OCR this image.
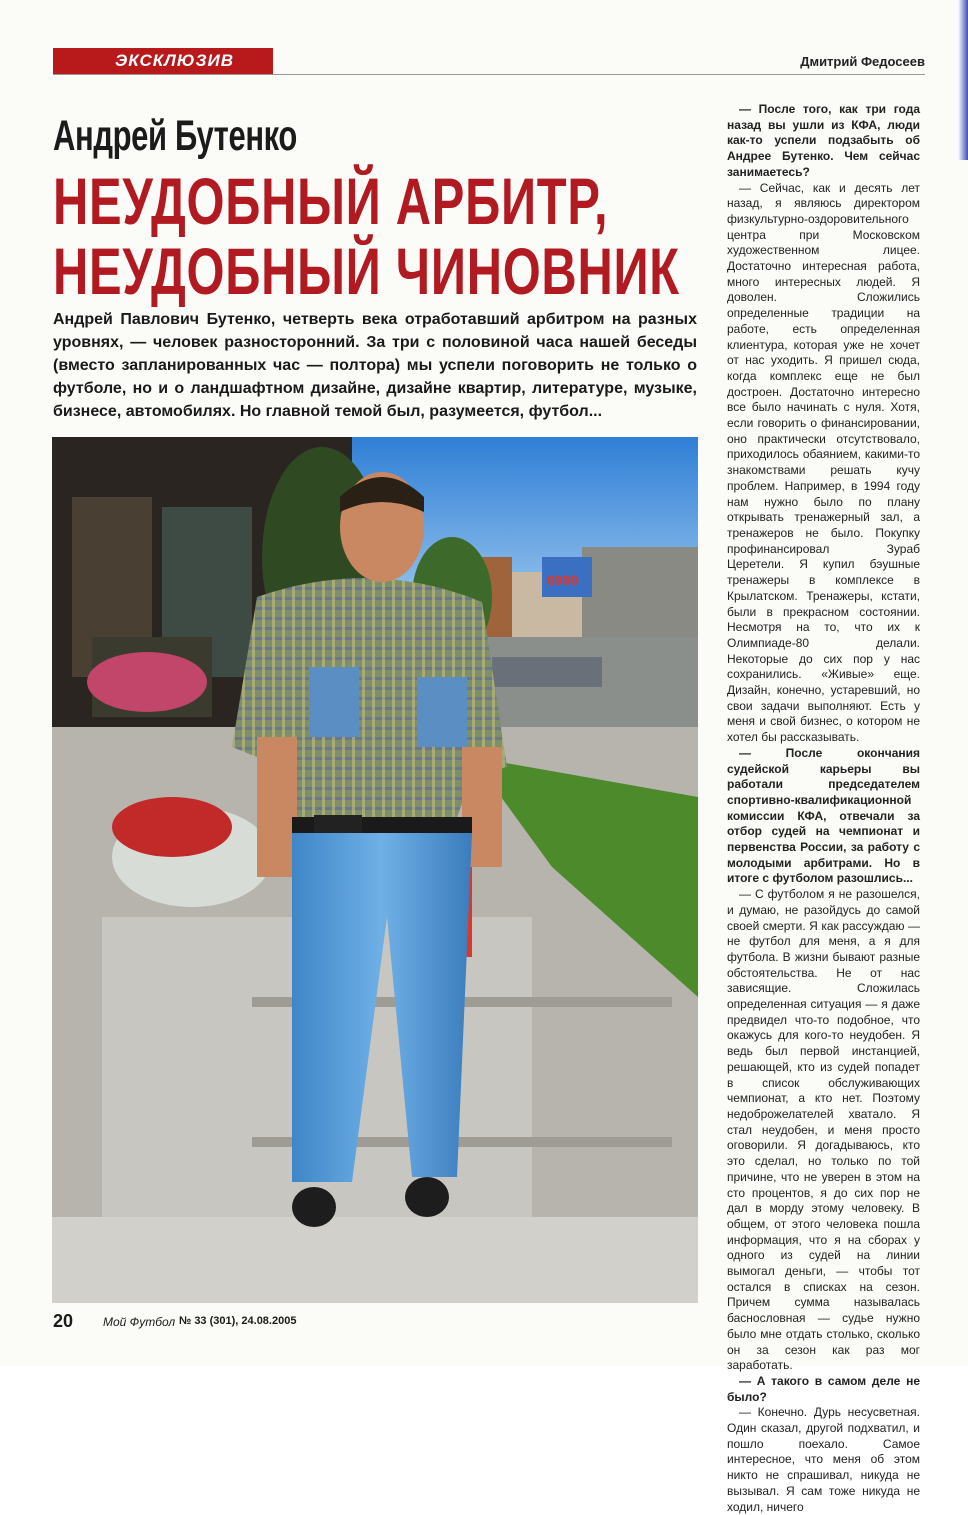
ЭКСКЛЮЗИВ	Дмитрий Федосеев
Андрей Бутенко
НЕУДОБНЫЙ АРБИТР,
НЕУДОБНЫЙ ЧИНОВНИК
Андрей Павлович Бутенко, четверть века отработавший арбитром на разных уровнях, — человек разносторонний. За три с половиной часа нашей беседы (вместо запланированных час — полтора) мы успели поговорить не только о футболе, но и о ландшафтном дизайне, дизайне квартир, литературе, музыке, бизнесе, автомобилях. Но главной темой был, разумеется, футбол...
6990

— После того, как три года назад вы ушли из КФА, люди как-то успели подзабыть об Андрее Бутенко. Чем сейчас занимаетесь?

— Сейчас, как и десять лет назад, я являюсь директором физкультурно-оздоровительного центра при Московском художественном лицее. Достаточно интересная работа, много интересных людей. Я доволен. Сложились определенные традиции на работе, есть определенная клиентура, которая уже не хочет от нас уходить. Я пришел сюда, когда комплекс еще не был достроен. Достаточно интересно все было начинать с нуля. Хотя, если говорить о финансировании, оно практически отсутствовало, приходилось обаянием, какими-то знакомствами решать кучу проблем. Например, в 1994 году нам нужно было по плану открывать тренажерный зал, а тренажеров не было. Покупку профинансировал Зураб Церетели. Я купил бэушные тренажеры в комплексе в Крылатском. Тренажеры, кстати, были в прекрасном состоянии. Несмотря на то, что их к Олимпиаде-80 делали. Некоторые до сих пор у нас сохранились. «Живые» еще. Дизайн, конечно, устаревший, но свои задачи выполняют. Есть у меня и свой бизнес, о котором не хотел бы рассказывать.

— После окончания судейской карьеры вы работали председателем спортивно-квалификационной комиссии КФА, отвечали за отбор судей на чемпионат и первенства России, за работу с молодыми арбитрами. Но в итоге с футболом разошлись...

— С футболом я не разошелся, и думаю, не разойдусь до самой своей смерти. Я как рассуждаю — не футбол для меня, а я для футбола. В жизни бывают разные обстоятельства. Не от нас зависящие. Сложилась определенная ситуация — я даже предвидел что-то подобное, что окажусь для кого-то неудобен. Я ведь был первой инстанцией, решающей, кто из судей попадет в список обслуживающих чемпионат, а кто нет. Поэтому недоброжелателей хватало. Я стал неудобен, и меня просто оговорили. Я догадываюсь, кто это сделал, но только по той причине, что не уверен в этом на сто процентов, я до сих пор не дал в морду этому человеку. В общем, от этого человека пошла информация, что я на сборах у одного из судей на линии вымогал деньги, — чтобы тот остался в списках на сезон. Причем сумма называлась баснословная — судье нужно было мне отдать столько, сколько он за сезон как раз мог заработать.

— А такого в самом деле не было?

— Конечно. Дурь несусветная. Один сказал, другой подхватил, и пошло поехало. Самое интересное, что меня об этом никто не спрашивал, никуда не вызывал. Я сам тоже никуда не ходил, ничего

20 Мой Футбол № 33 (301), 24.08.2005
